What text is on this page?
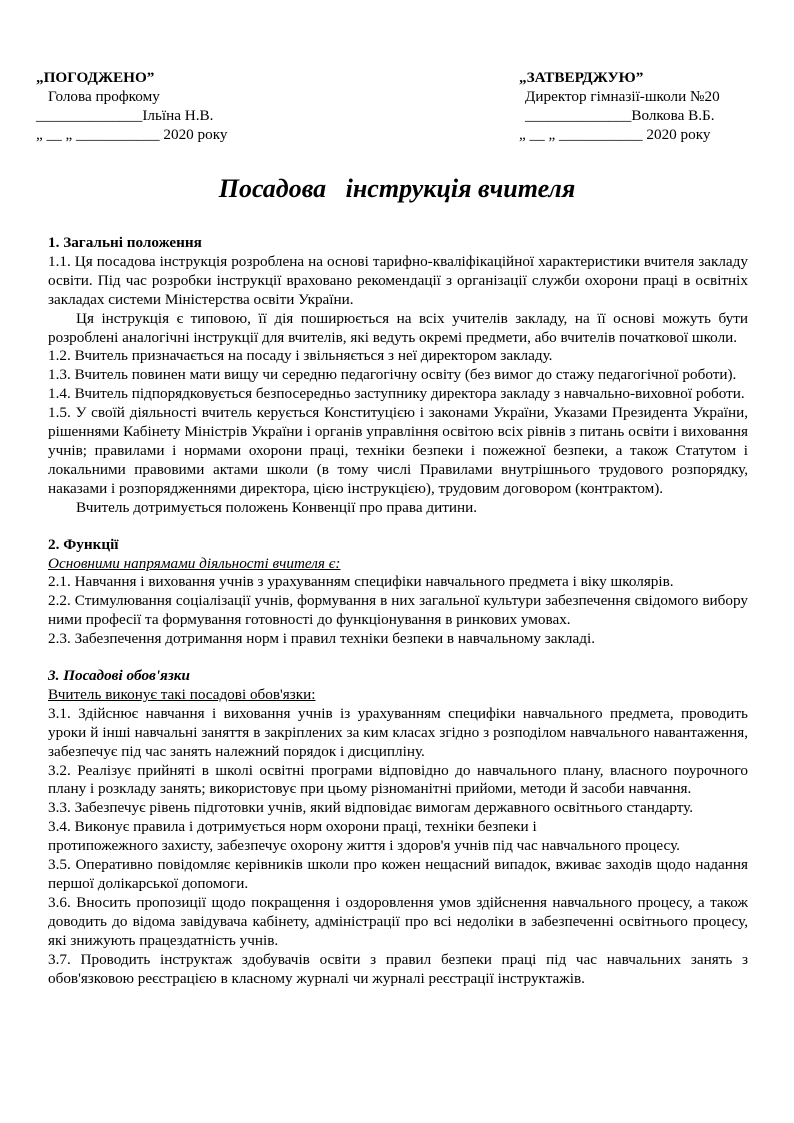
„ПОГОДЖЕНО”
Голова профкому
______________Ільїна Н.В.
„ __ „ ___________ 2020 року
„ЗАТВЕРДЖУЮ”
Директор гімназії-школи №20
______________Волкова В.Б.
„ __ „ ___________ 2020 року
Посадова   інструкція вчителя

1. Загальні положення

1.1. Ця посадова інструкція розроблена на основі тарифно-кваліфікаційної характеристики вчителя закладу освіти. Під час розробки інструкції враховано рекомендації з організації служби охорони праці в освітніх закладах системи Міністерства освіти України.

Ця інструкція є типовою, її дія поширюється на всіх учителів закладу, на її основі можуть бути розроблені аналогічні інструкції для вчителів, які ведуть окремі предмети, або вчителів початкової школи.

1.2. Вчитель призначається на посаду і звільняється з неї директором закладу.

1.3. Вчитель повинен мати вищу чи середню педагогічну освіту (без вимог до стажу педагогічної роботи).

1.4. Вчитель підпорядковується безпосередньо заступнику директора закладу з навчально-виховної роботи.

1.5. У своїй діяльності вчитель керується Конституцією і законами України, Указами Президента України, рішеннями Кабінету Міністрів України і органів управління освітою всіх рівнів з питань освіти і виховання учнів; правилами і нормами охорони праці, техніки безпеки і пожежної безпеки, а також Статутом і локальними правовими актами школи (в тому числі Правилами внутрішнього трудового розпорядку, наказами і розпорядженнями директора, цією інструкцією), трудовим договором (контрактом).

Вчитель дотримується положень Конвенції про права дитини.

2. Функції

Основними напрямами діяльності вчителя є:

2.1. Навчання і виховання учнів з урахуванням специфіки навчального предмета і віку школярів.

2.2. Стимулювання соціалізації учнів, формування в них загальної культури забезпечення свідомого вибору ними професії та формування готовності до функціонування в ринкових умовах.

2.3. Забезпечення дотримання норм і правил техніки безпеки в навчальному закладі.

3. Посадові обов'язки

Вчитель виконує такі посадові обов'язки:

3.1. Здійснює навчання і виховання учнів із урахуванням специфіки навчального предмета, проводить уроки й інші навчальні заняття в закріплених за ким класах згідно з розподілом навчального навантаження, забезпечує під час занять належний порядок і дисципліну.

3.2. Реалізує прийняті в школі освітні програми відповідно до навчального плану, власного поурочного плану і розкладу занять; використовує при цьому різноманітні прийоми, методи й засоби навчання.

3.3. Забезпечує рівень підготовки учнів, який відповідає вимогам державного освітнього стандарту.

3.4. Виконує правила і дотримується норм охорони праці, техніки безпеки і

протипожежного захисту, забезпечує охорону життя і здоров'я учнів під час навчального процесу.

3.5. Оперативно повідомляє керівників школи про кожен нещасний випадок, вживає заходів щодо надання першої долікарської допомоги.

3.6. Вносить пропозиції щодо покращення і оздоровлення умов здійснення навчального процесу, а також доводить до відома завідувача кабінету, адміністрації про всі недоліки в забезпеченні освітнього процесу, які знижують працездатність учнів.

3.7. Проводить інструктаж здобувачів освіти з правил безпеки праці під час навчальних занять з обов'язковою реєстрацією в класному журналі чи журналі реєстрації інструктажів.
